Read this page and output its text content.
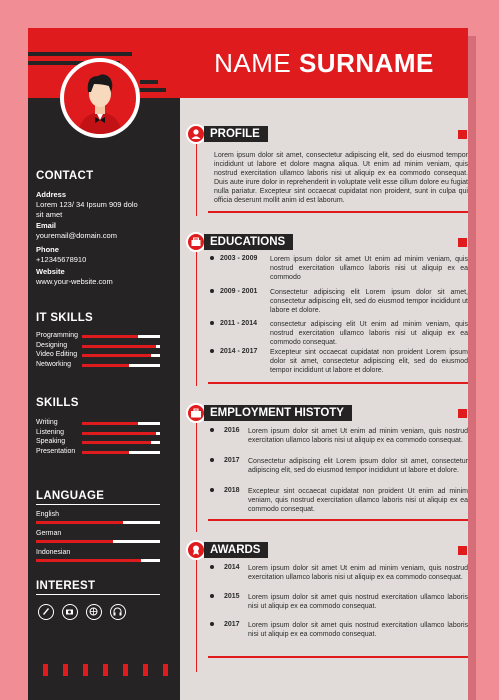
NAME SURNAME
CONTACT
Address
Lorem 123/ 34 Ipsum 909 dolo
sit amet
Email
youremail@domain.com
Phone
+12345678910
Website
www.your-website.com
IT SKILLS
SKILLS
LANGUAGE
INTEREST
PROFILE
Lorem ipsum dolor sit amet, consectetur adipiscing elit, sed do eiusmod tempor incididunt ut labore et dolore magna aliqua. Ut enim ad minim veniam, quis nostrud exercitation ullamco laboris nisi ut aliquip ex ea commodo consequat. Duis aute irure dolor in reprehenderit in voluptate velit esse cillum dolore eu fugiat nulla pariatur. Excepteur sint occaecat cupidatat non proident, sunt in culpa qui officia deserunt mollit anim id est laborum.
EDUCATIONS
2003 - 2009 Lorem ipsum dolor sit amet Ut enim ad minim veniam, quis nostrud exercitation ullamco laboris nisi ut aliquip ex ea commodo
2009 - 2001 Consectetur adipiscing elit Lorem ipsum dolor sit amet, consectetur adipiscing elit, sed do eiusmod tempor incididunt ut labore et dolore.
2011 - 2014 consectetur adipiscing elit Ut enim ad minim veniam, quis nostrud exercitation ullamco laboris nisi ut aliquip ex ea commodo consequat.
2014 - 2017 Excepteur sint occaecat cupidatat non proident Lorem ipsum dolor sit amet, consectetur adipiscing elit, sed do eiusmod tempor incididunt ut labore et dolore.
EMPLOYMENT HISTOTY
2016 Lorem ipsum dolor sit amet Ut enim ad minim veniam, quis nostrud exercitation ullamco laboris nisi ut aliquip ex ea commodo consequat.
2017 Consectetur adipiscing elit Lorem ipsum dolor sit amet, consectetur adipiscing elit, sed do eiusmod tempor incididunt ut labore et dolore.
2018 Excepteur sint occaecat cupidatat non proident Ut enim ad minim veniam, quis nostrud exercitation ullamco laboris nisi ut aliquip ex ea commodo consequat.
AWARDS
2014 Lorem ipsum dolor sit amet Ut enim ad minim veniam, quis nostrud exercitation ullamco laboris nisi ut aliquip ex ea commodo consequat.
2015 Lorem ipsum dolor sit amet quis nostrud exercitation ullamco laboris nisi ut aliquip ex ea commodo consequat.
2017 Lorem ipsum dolor sit amet quis nostrud exercitation ullamco laboris nisi ut aliquip ex ea commodo consequat.
Programming
Designing
Video Editing
Networking
Writing
Listening
Speaking
Presentation
English
German
Indonesian
